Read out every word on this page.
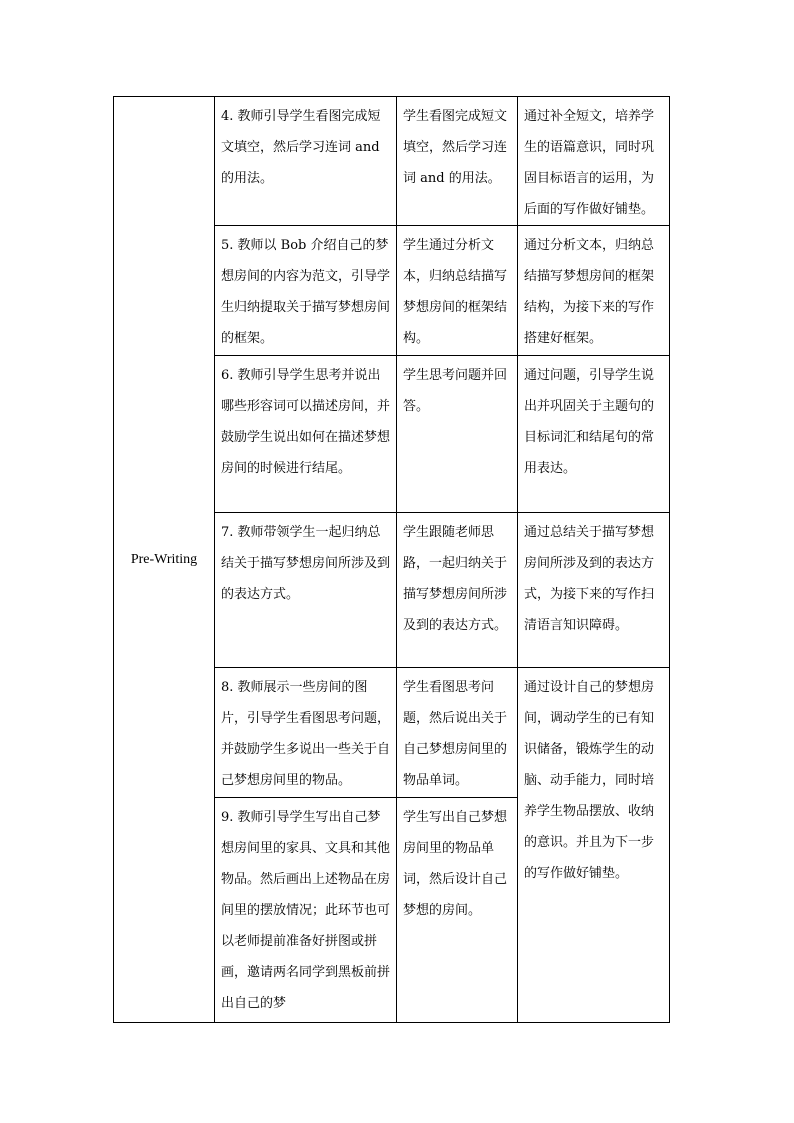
Pre-Writing	4. 教师引导学生看图完成短文填空，然后学习连词 and 的用法。	学生看图完成短文填空，然后学习连词 and 的用法。	通过补全短文，培养学生的语篇意识，同时巩固目标语言的运用，为后面的写作做好铺垫。

	5. 教师以 Bob 介绍自己的梦想房间的内容为范文，引导学生归纳提取关于描写梦想房间的框架。	学生通过分析文本，归纳总结描写梦想房间的框架结构。	通过分析文本，归纳总结描写梦想房间的框架结构，为接下来的写作搭建好框架。

	6. 教师引导学生思考并说出哪些形容词可以描述房间，并鼓励学生说出如何在描述梦想房间的时候进行结尾。	学生思考问题并回答。	通过问题，引导学生说出并巩固关于主题句的目标词汇和结尾句的常用表达。

	7. 教师带领学生一起归纳总结关于描写梦想房间所涉及到的表达方式。	学生跟随老师思路，一起归纳关于描写梦想房间所涉及到的表达方式。	通过总结关于描写梦想房间所涉及到的表达方式，为接下来的写作扫清语言知识障碍。

	8. 教师展示一些房间的图片，引导学生看图思考问题，并鼓励学生多说出一些关于自己梦想房间里的物品。	学生看图思考问题，然后说出关于自己梦想房间里的物品单词。	通过设计自己的梦想房间，调动学生的已有知识储备，锻炼学生的动脑、动手能力，同时培养学生物品摆放、收纳的意识。并且为下一步的写作做好铺垫。

	9. 教师引导学生写出自己梦想房间里的家具、文具和其他物品。然后画出上述物品在房间里的摆放情况；此环节也可以老师提前准备好拼图或拼画，邀请两名同学到黑板前拼出自己的梦	学生写出自己梦想房间里的物品单词，然后设计自己梦想的房间。	
